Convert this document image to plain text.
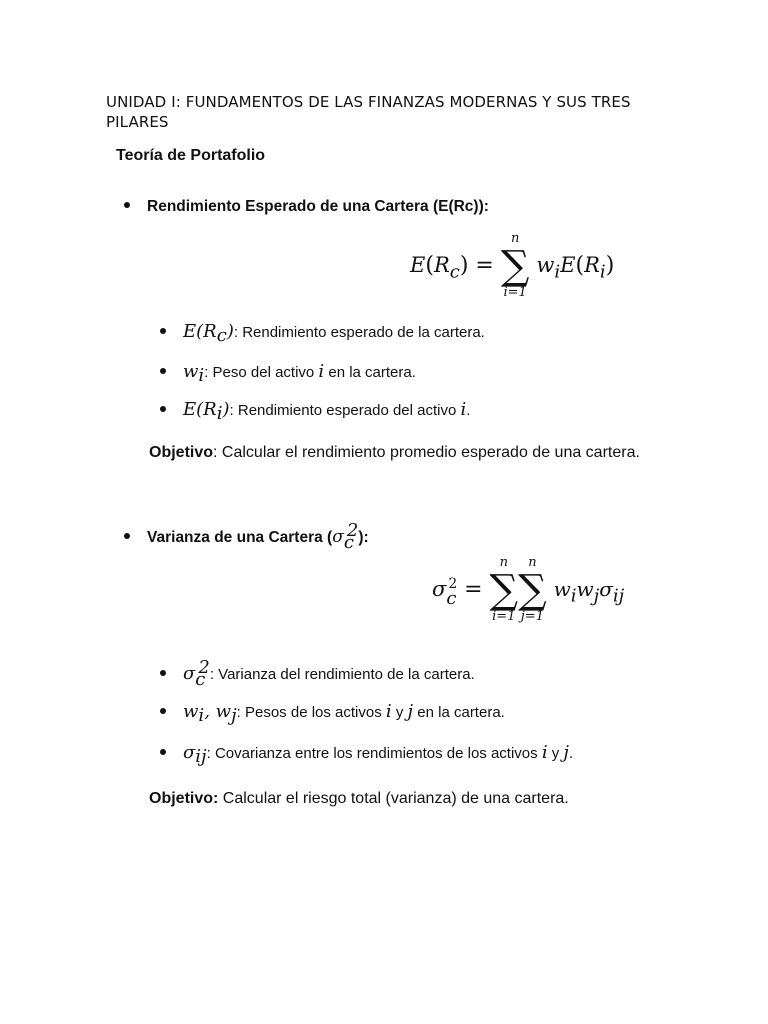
UNIDAD I: FUNDAMENTOS DE LAS FINANZAS MODERNAS Y SUS TRES PILARES
Teoría de Portafolio
Rendimiento Esperado de una Cartera (E(Rc)):
$E(R_c)$ =
n
∑
i=1
$w_iE(R_i)$
$E(R_c)$: Rendimiento esperado de la cartera.
$w_i$: Peso del activo i en la cartera.
$E(R_i)$: Rendimiento esperado del activo i.
Objetivo: Calcular el rendimiento promedio esperado de una cartera.
Varianza de una Cartera $(\sigma_c^2)$:
$\sigma_c^2$ =
n
∑
i=1
n
∑
j=1
$w_iw_j\sigma_{ij}$
$\sigma_c^2$: Varianza del rendimiento de la cartera.
$w_i$, $w_j$: Pesos de los activos i y j en la cartera.
$\sigma_{ij}$: Covarianza entre los rendimientos de los activos i y j.
Objetivo: Calcular el riesgo total (varianza) de una cartera.
